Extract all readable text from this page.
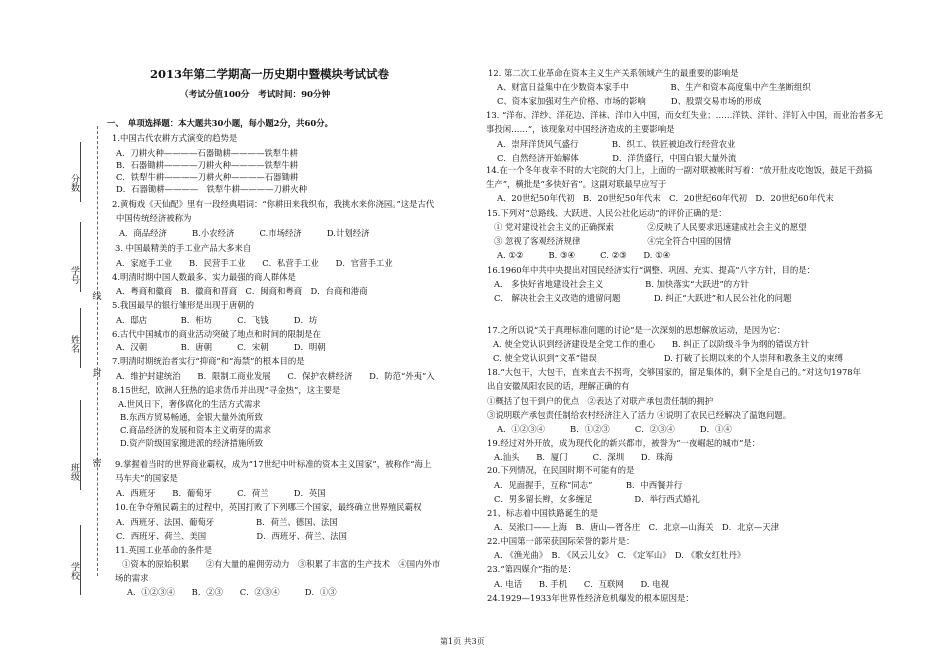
2013年第二学期高一历史期中暨模块考试试卷
（考试分值100分　考试时间：90分钟
线
封
密
分数
学号
姓名
班级
学校
一、　单项选择题：本大题共30小题，每小题2分，共60分。
1.中国古代农耕方式演变的趋势是
A．刀耕火种————石器锄耕————铁犁牛耕
B．石器锄耕————刀耕火种————铁犁牛耕
C．铁犁牛耕————刀耕火种————石器锄耕
D．石器锄耕————　铁犁牛耕————刀耕火种
2.黄梅戏《天仙配》里有一段经典唱词：“你耕田来我织布，我挑水来你浇园。”这是古代
中国传统经济被称为
A．商品经济　　　B.小农经济　　　C.市场经济　　　D.计划经济
3. 中国最精美的手工业产品大多来自
A．家庭手工业　　B．民营手工业　　C．私营手工业　　D．官营手工业
4.明清时期中国人数最多、实力最强的商人群体是
A．粤商和徽商　B．徽商和晋商　C．闽商和粤商　D．台商和港商
5.我国最早的银行雏形是出现于唐朝的
A．邸店　　　　B．柜坊　　　C．飞钱　　　D．坊
6.古代中国城市的商业活动突破了地点和时间的限制是在
A．汉朝　　　　B．唐朝　　　C．宋朝　　　D．明朝
7.明清时期统治者实行“抑商”和“海禁”的根本目的是
A．维护封建统治　　B．限制工商业发展　　C．保护农耕经济　　D．防范“外夷”入
8.15世纪，欧洲人狂热的追求货币并出现“寻金热”，这主要是
A.世风日下，奢侈腐化的生活方式需求
B.东西方贸易畅通，金银大量外流所致
C.商品经济的发展和资本主义萌芽的需求
D.资产阶级国家搬进派的经济措施所致
9.掌握着当时的世界商业霸权，成为“17世纪中叶标准的资本主义国家”，被称作“海上
马车夫”的国家是
A．西班牙　　B．葡萄牙　　　C．荷兰　　　D．英国
10.在争夺殖民霸主的过程中，英国打败了下列哪三个国家，最终确立世界殖民霸权
A．西班牙、法国、葡萄牙　　　　　B．荷兰、德国、法国
C．西班牙、荷兰、美国　　　　　　D．西班牙、荷兰、法国
11.英国工业革命的条件是
①资本的原始积累　　②有大量的雇佣劳动力　③积累了丰富的生产技术　④国内外市
场的需求
A．①②③④　　B．②③　　C．②③④　　　D．①③
12. 第二次工业革命在资本主义生产关系领域产生的最重要的影响是
A、财富日益集中在少数资本家手中　　　　　B、生产和资本高度集中产生垄断组织
C、资本家加强对生产价格、市场的影响　　　D、股票交易市场的形成
13. “洋布、洋纱、洋花边、洋袜、洋巾入中国，而女红失业；……洋铁、洋针、洋钉入中国，而业治者多无
事投闲……”，该现象对中国经济造成的主要影响是
A．崇拜洋货风气盛行　　　　B．织工、铁匠被迫改行经营农业
C．自然经济开始解体　　　　D．洋货盛行，中国白银大量外流
14.在一个冬年夜幸不时的大宅院的大门上，上面的一副对联被帐时写着：“放开肚皮吃饱饭，鼓足干劲搞
生产”，横批是“多快好省”。这副对联最早应写于
A．20世纪50年代初　B．20世纪50年代末　C．20世纪60年代初　D．20世纪60年代末
15.下列对“总路线、大跃进、人民公社化运动”的评价正确的是：
① 党对建设社会主义的正确探索　　　　②反映了人民要求迅速建成社会主义的愿望
③ 忽视了客观经济规律　　　　　　　　④完全符合中国的国情
A. ①②　　　B. ③④　　　C. ②③　　D. ①④
16.1960年中共中央提出对国民经济实行“调整、巩固、充实、提高”八字方针，目的是：
A． 多快好省地建设社会主义　　　　　B. 加快落实“大跃进”的方针
C． 解决社会主义改造的遗留问题　　　　D. 纠正“大跃进”和人民公社化的问题
17.之所以说“关于真理标准问题的讨论”是一次深刻的思想解放运动，是因为它：
A. 使全党认识到经济建设是全党工作的重心　　B. 纠正了以阶级斗争为纲的错误方针
C. 使全党认识到“文革”错误　　　　　　　　D. 打破了长期以来的个人崇拜和教条主义的束缚
18.“大包干，大包干，直来直去不拐弯，交够国家的，留足集体的，剩下全是自己的。”对这句1978年
出自安徽凤阳农民的话，理解正确的有
①概括了包干到户的优点　②表达了对联产承包责任制的拥护
③说明联产承包责任制给农村经济注入了活力 ④说明了农民已经解决了温饱问题。
A．①②③④　　　B．①②③　　　C．②③④　　　D．①④
19.经过对外开放，成为现代化的新兴都市，被誉为“一夜崛起的城市”是：
A.汕头　　B．厦门　　　C．深圳　　D．珠海
20.下列情况，在民国时期不可能有的是
A．见面握手，互称“同志”　　　　B．中西餐并行
C．男多留长辫，女多缠足　　　　　D．举行西式婚礼
21、标志着中国铁路诞生的是
A．吴淞口——上海　B．唐山—胥各庄　C．北京—山海关　D．北京—天津
22.中国第一部荣获国际荣誉的影片是：
A. 《渔光曲》　B. 《风云儿女》　C. 《定军山》　D. 《歌女红牡丹》
23.“第四媒介”指的是：
A. 电话　　B. 手机　　C．互联网　　D. 电视
24.1929—1933年世界性经济危机爆发的根本原因是：
第1页 共3页
